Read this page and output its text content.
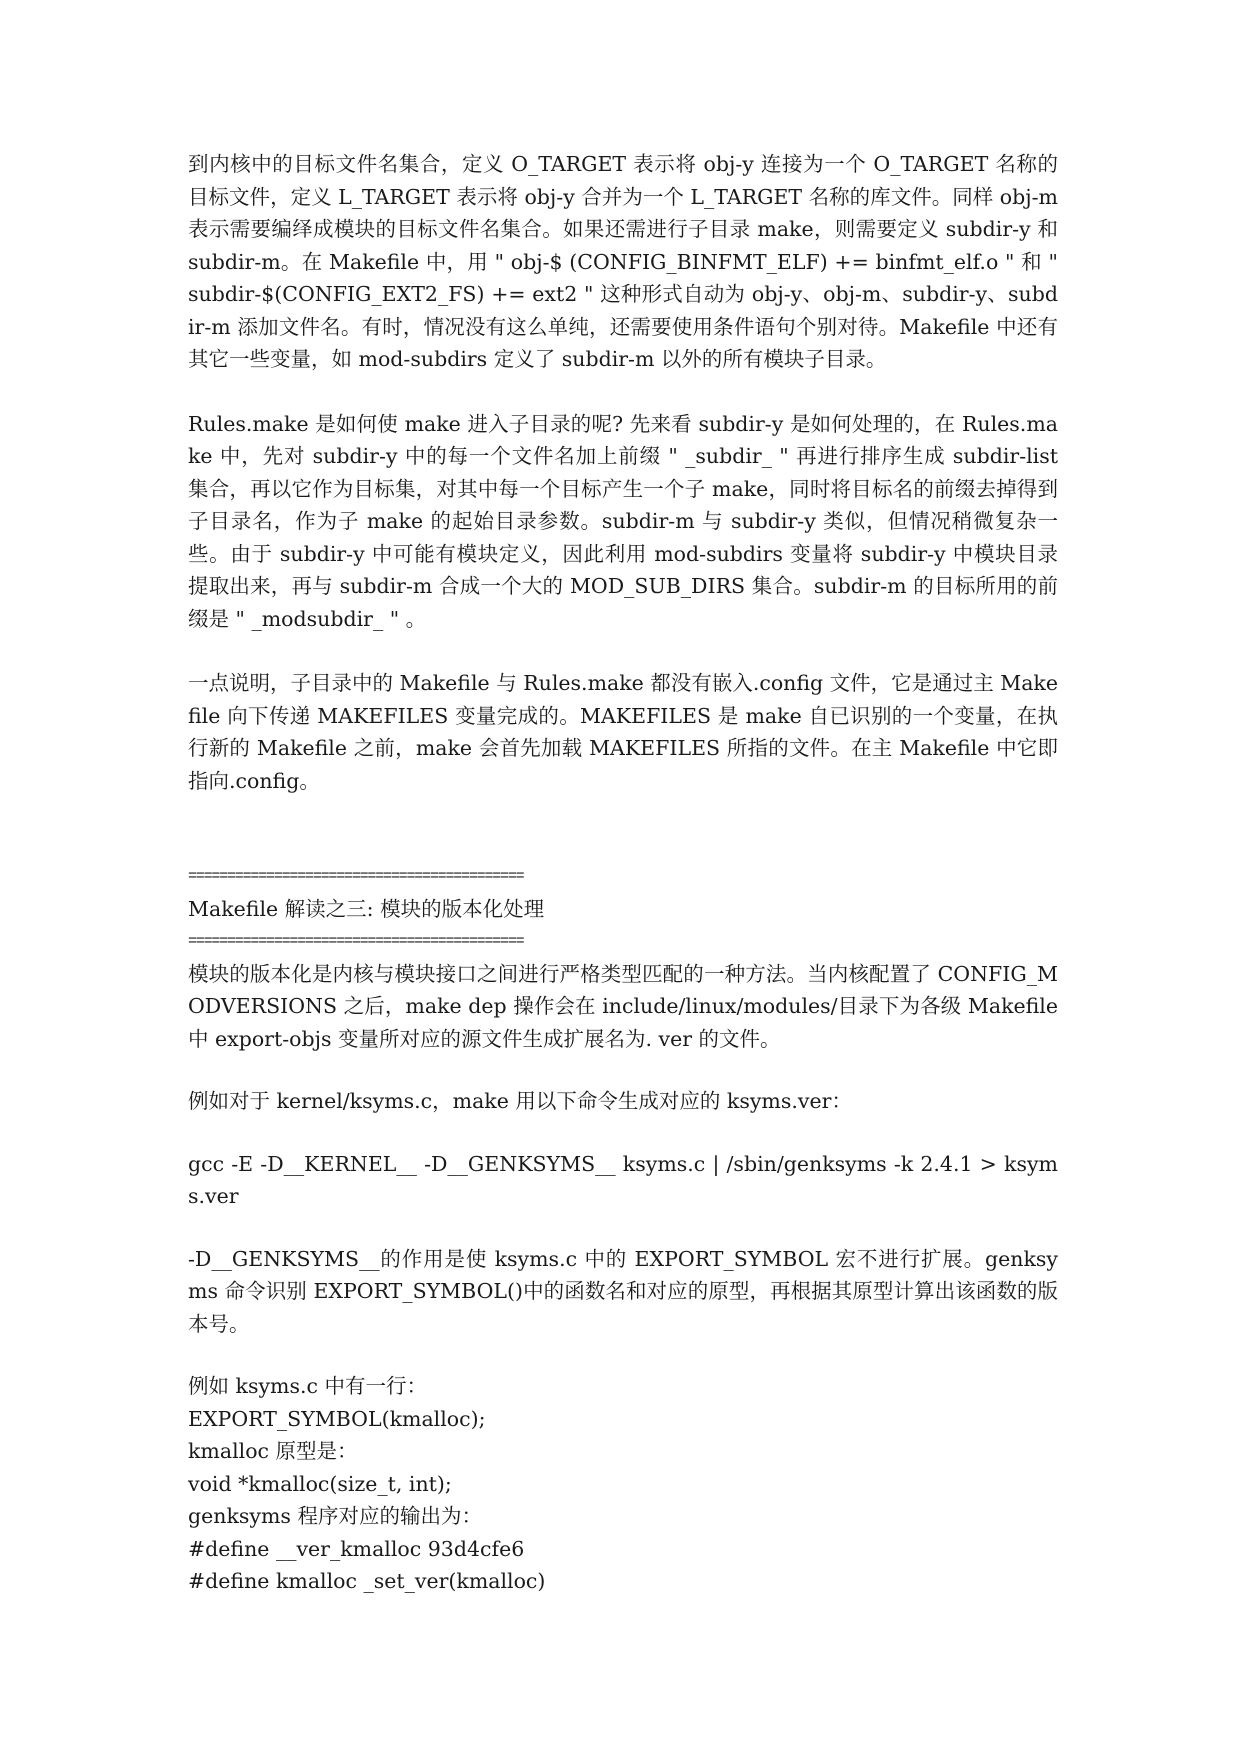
到内核中的目标文件名集合，定义 O_TARGET 表示将 obj-y 连接为一个 O_TARGET 名称的目标文件，定义 L_TARGET 表示将 obj-y 合并为一个 L_TARGET 名称的库文件。同样 obj-m 表示需要编绎成模块的目标文件名集合。如果还需进行子目录 make，则需要定义 subdir-y 和 subdir-m。在 Makefile 中，用 " obj-$ (CONFIG_BINFMT_ELF) += binfmt_elf.o " 和 " subdir-$(CONFIG_EXT2_FS) += ext2 " 这种形式自动为 obj-y、obj-m、subdir-y、subdir-m 添加文件名。有时，情况没有这么单纯，还需要使用条件语句个别对待。Makefile 中还有其它一些变量，如 mod-subdirs 定义了 subdir-m 以外的所有模块子目录。

Rules.make 是如何使 make 进入子目录的呢? 先来看 subdir-y 是如何处理的，在 Rules.make 中，先对 subdir-y 中的每一个文件名加上前缀 " _subdir_ " 再进行排序生成 subdir-list 集合，再以它作为目标集，对其中每一个目标产生一个子 make，同时将目标名的前缀去掉得到子目录名，作为子 make 的起始目录参数。subdir-m 与 subdir-y 类似，但情况稍微复杂一些。由于 subdir-y 中可能有模块定义，因此利用 mod-subdirs 变量将 subdir-y 中模块目录提取出来，再与 subdir-m 合成一个大的 MOD_SUB_DIRS 集合。subdir-m 的目标所用的前缀是 " _modsubdir_ " 。

一点说明，子目录中的 Makefile 与 Rules.make 都没有嵌入.config 文件，它是通过主 Makefile 向下传递 MAKEFILES 变量完成的。MAKEFILES 是 make 自已识别的一个变量，在执行新的 Makefile 之前，make 会首先加载 MAKEFILES 所指的文件。在主 Makefile 中它即指向.config。

===========================================
Makefile 解读之三: 模块的版本化处理
===========================================

模块的版本化是内核与模块接口之间进行严格类型匹配的一种方法。当内核配置了 CONFIG_MODVERSIONS 之后，make dep 操作会在 include/linux/modules/目录下为各级 Makefile 中 export-objs 变量所对应的源文件生成扩展名为. ver 的文件。

例如对于 kernel/ksyms.c，make 用以下命令生成对应的 ksyms.ver：

gcc -E -D__KERNEL__ -D__GENKSYMS__ ksyms.c | /sbin/genksyms -k 2.4.1 > ksyms.ver

-D__GENKSYMS__的作用是使 ksyms.c 中的 EXPORT_SYMBOL 宏不进行扩展。genksyms 命令识别 EXPORT_SYMBOL()中的函数名和对应的原型，再根据其原型计算出该函数的版本号。

例如 ksyms.c 中有一行：
EXPORT_SYMBOL(kmalloc);
kmalloc 原型是：
void *kmalloc(size_t, int);
genksyms 程序对应的输出为：
#define __ver_kmalloc 93d4cfe6
#define kmalloc _set_ver(kmalloc)
